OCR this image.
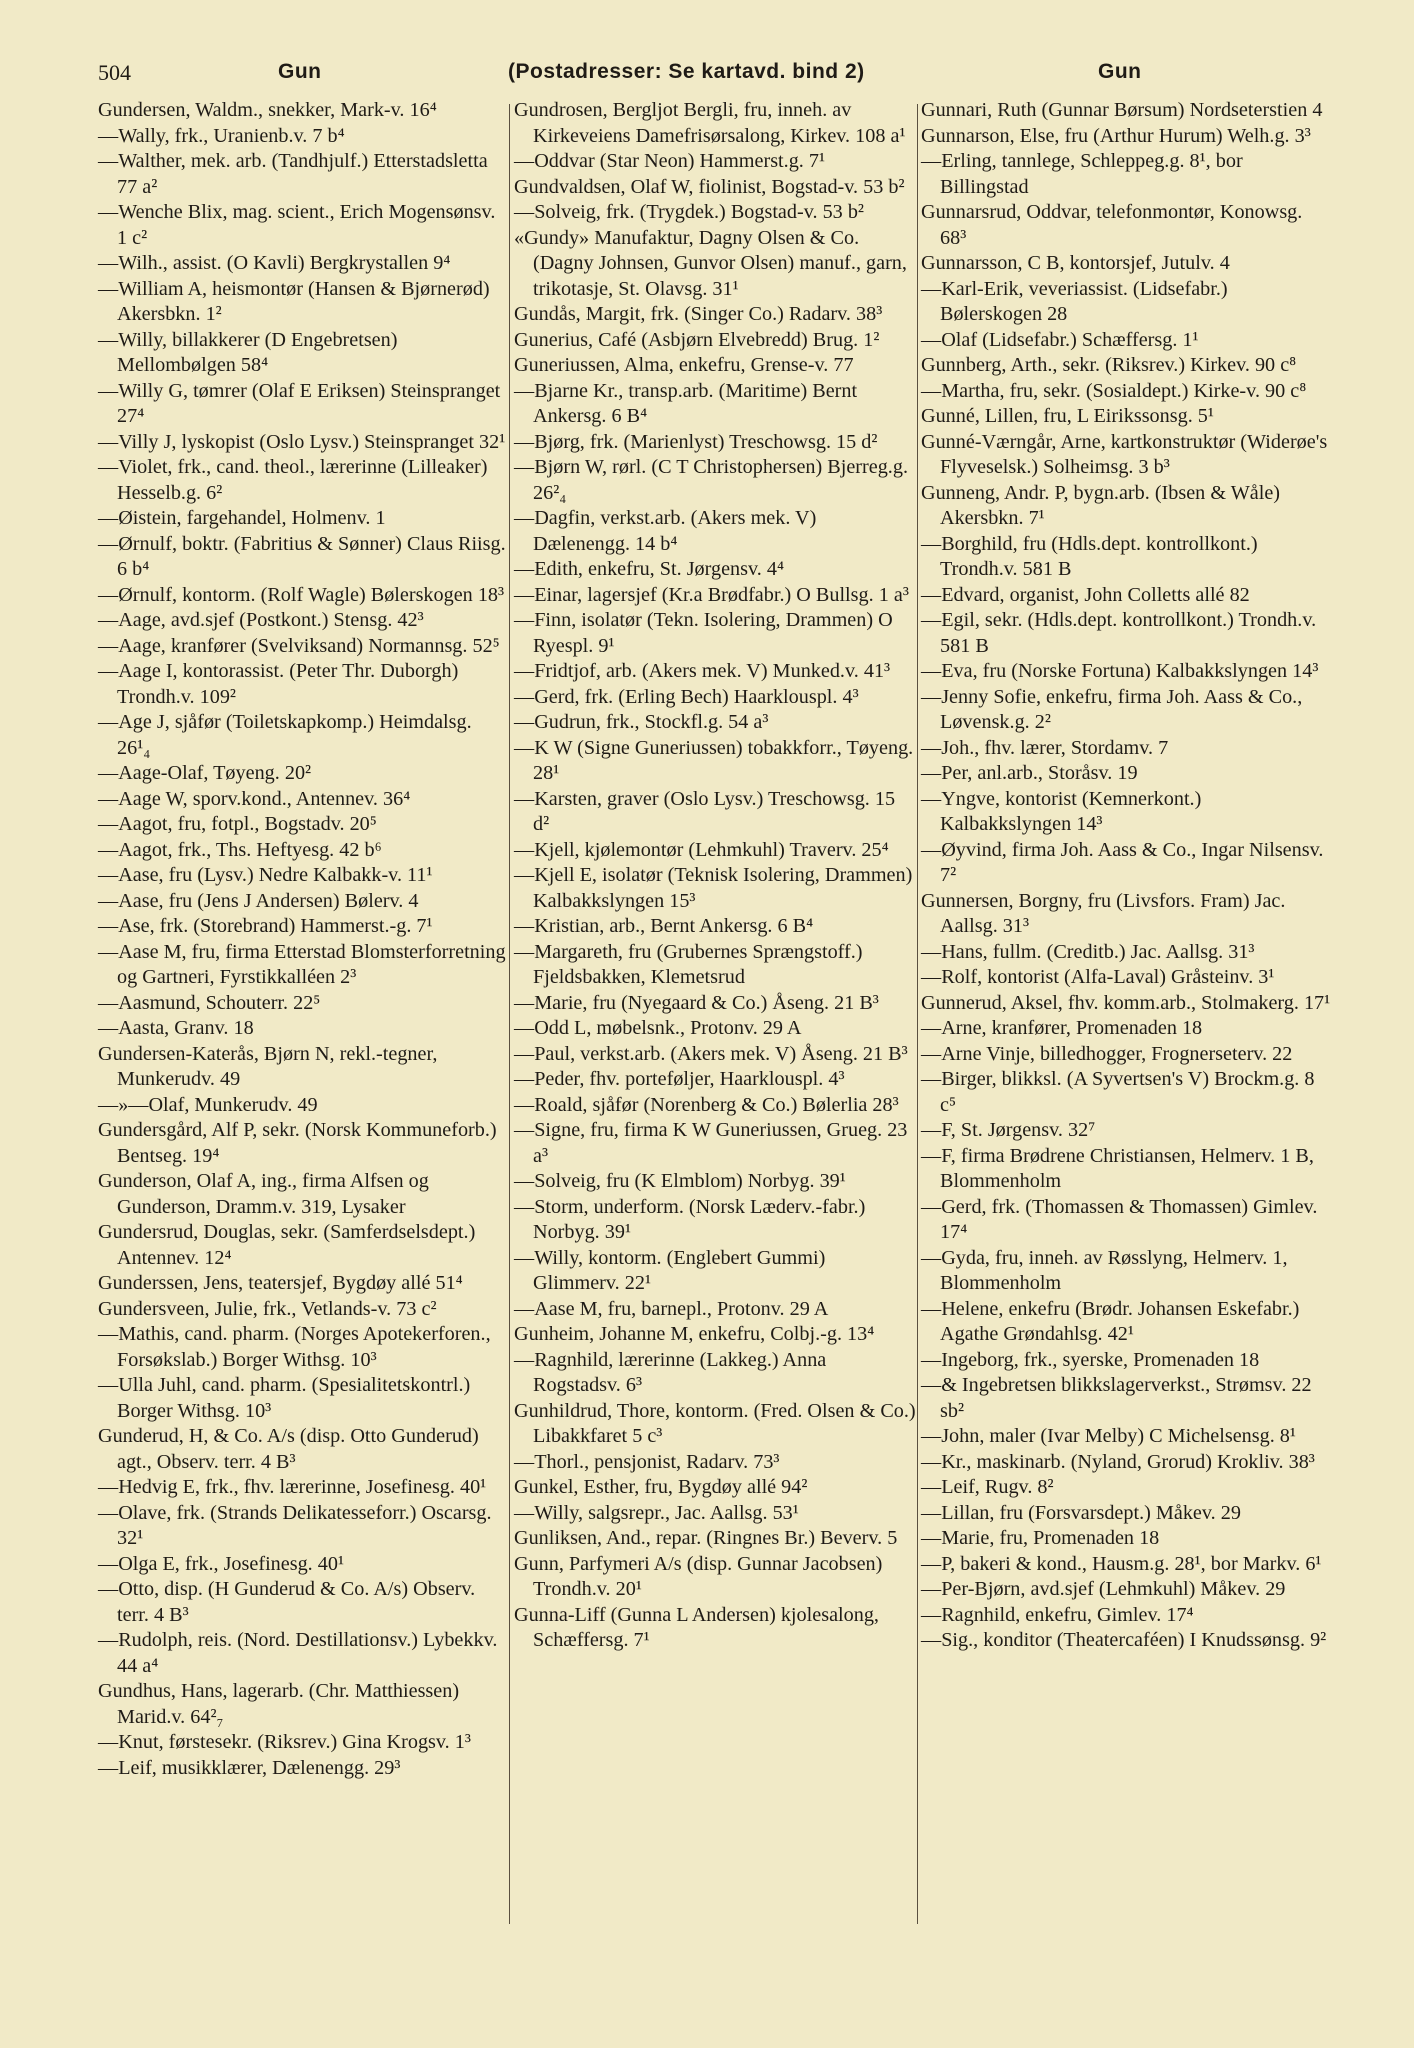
504	Gun	(Postadresser: Se kartavd. bind 2)	Gun
Gundersen, Waldm., snekker, Mark-v. 16⁴
—Wally, frk., Uranienb.v. 7 b⁴
—Walther, mek. arb. (Tandhjulf.) Etterstadsletta 77 a²
—Wenche Blix, mag. scient., Erich Mogensønsv. 1 c²
—Wilh., assist. (O Kavli) Bergkrystallen 9⁴
—William A, heismontør (Hansen & Bjørnerød) Akersbkn. 1²
—Willy, billakkerer (D Engebretsen) Mellombølgen 58⁴
—Willy G, tømrer (Olaf E Eriksen) Steinspranget 27⁴
—Villy J, lyskopist (Oslo Lysv.) Steinspranget 32¹
—Violet, frk., cand. theol., lærerinne (Lilleaker) Hesselb.g. 6²
—Øistein, fargehandel, Holmenv. 1
—Ørnulf, boktr. (Fabritius & Sønner) Claus Riisg. 6 b⁴
—Ørnulf, kontorm. (Rolf Wagle) Bølerskogen 18³
—Aage, avd.sjef (Postkont.) Stensg. 42³
—Aage, kranfører (Svelviksand) Normannsg. 52⁵
—Aage I, kontorassist. (Peter Thr. Duborgh) Trondh.v. 109²
—Age J, sjåfør (Toiletskapkomp.) Heimdalsg. 26¹₄
—Aage-Olaf, Tøyeng. 20²
—Aage W, sporv.kond., Antennev. 36⁴
—Aagot, fru, fotpl., Bogstadv. 20⁵
—Aagot, frk., Ths. Heftyesg. 42 b⁶
—Aase, fru (Lysv.) Nedre Kalbakk-v. 11¹
—Aase, fru (Jens J Andersen) Bølerv. 4
—Ase, frk. (Storebrand) Hammerst.-g. 7¹
—Aase M, fru, firma Etterstad Blomsterforretning og Gartneri, Fyrstikkalléen 2³
—Aasmund, Schouterr. 22⁵
—Aasta, Granv. 18
Gundersen-Katerås, Bjørn N, rekl.-tegner, Munkerudv. 49
—»—Olaf, Munkerudv. 49
Gundersgård, Alf P, sekr. (Norsk Kommuneforb.) Bentseg. 19⁴
Gunderson, Olaf A, ing., firma Alfsen og Gunderson, Dramm.v. 319, Lysaker
Gundersrud, Douglas, sekr. (Samferdselsdept.) Antennev. 12⁴
Gunderssen, Jens, teatersjef, Bygdøy allé 51⁴
Gundersveen, Julie, frk., Vetlands-v. 73 c²
—Mathis, cand. pharm. (Norges Apotekerforen., Forsøkslab.) Borger Withsg. 10³
—Ulla Juhl, cand. pharm. (Spesialitetskontrl.) Borger Withsg. 10³
Gunderud, H, & Co. A/s (disp. Otto Gunderud) agt., Observ. terr. 4 B³
—Hedvig E, frk., fhv. lærerinne, Josefinesg. 40¹
—Olave, frk. (Strands Delikatesseforr.) Oscarsg. 32¹
—Olga E, frk., Josefinesg. 40¹
—Otto, disp. (H Gunderud & Co. A/s) Observ. terr. 4 B³
—Rudolph, reis. (Nord. Destillationsv.) Lybekkv. 44 a⁴
Gundhus, Hans, lagerarb. (Chr. Matthiessen) Marid.v. 64²₇
—Knut, førstesekr. (Riksrev.) Gina Krogsv. 1³
—Leif, musikklærer, Dælenengg. 29³
Gundrosen, Bergljot Bergli, fru, inneh. av Kirkeveiens Damefrisørsalong, Kirkev. 108 a¹
—Oddvar (Star Neon) Hammerst.g. 7¹
Gundvaldsen, Olaf W, fiolinist, Bogstad-v. 53 b²
—Solveig, frk. (Trygdek.) Bogstad-v. 53 b²
«Gundy» Manufaktur, Dagny Olsen & Co. (Dagny Johnsen, Gunvor Olsen) manuf., garn, trikotasje, St. Olavsg. 31¹
Gundås, Margit, frk. (Singer Co.) Radarv. 38³
Gunerius, Café (Asbjørn Elvebredd) Brug. 1²
Guneriussen, Alma, enkefru, Grense-v. 77
—Bjarne Kr., transp.arb. (Maritime) Bernt Ankersg. 6 B⁴
—Bjørg, frk. (Marienlyst) Treschowsg. 15 d²
—Bjørn W, rørl. (C T Christophersen) Bjerreg.g. 26²₄
—Dagfin, verkst.arb. (Akers mek. V) Dælenengg. 14 b⁴
—Edith, enkefru, St. Jørgensv. 4⁴
—Einar, lagersjef (Kr.a Brødfabr.) O Bullsg. 1 a³
—Finn, isolatør (Tekn. Isolering, Drammen) O Ryespl. 9¹
—Fridtjof, arb. (Akers mek. V) Munked.v. 41³
—Gerd, frk. (Erling Bech) Haarklouspl. 4³
—Gudrun, frk., Stockfl.g. 54 a³
—K W (Signe Guneriussen) tobakkforr., Tøyeng. 28¹
—Karsten, graver (Oslo Lysv.) Treschowsg. 15 d²
—Kjell, kjølemontør (Lehmkuhl) Traverv. 25⁴
—Kjell E, isolatør (Teknisk Isolering, Drammen) Kalbakkslyngen 15³
—Kristian, arb., Bernt Ankersg. 6 B⁴
—Margareth, fru (Grubernes Sprængstoff.) Fjeldsbakken, Klemetsrud
—Marie, fru (Nyegaard & Co.) Åseng. 21 B³
—Odd L, møbelsnk., Protonv. 29 A
—Paul, verkst.arb. (Akers mek. V) Åseng. 21 B³
—Peder, fhv. porteføljer, Haarklouspl. 4³
—Roald, sjåfør (Norenberg & Co.) Bølerlia 28³
—Signe, fru, firma K W Guneriussen, Grueg. 23 a³
—Solveig, fru (K Elmblom) Norbyg. 39¹
—Storm, underform. (Norsk Læderv.-fabr.) Norbyg. 39¹
—Willy, kontorm. (Englebert Gummi) Glimmerv. 22¹
—Aase M, fru, barnepl., Protonv. 29 A
Gunheim, Johanne M, enkefru, Colbj.-g. 13⁴
—Ragnhild, lærerinne (Lakkeg.) Anna Rogstadsv. 6³
Gunhildrud, Thore, kontorm. (Fred. Olsen & Co.) Libakkfaret 5 c³
—Thorl., pensjonist, Radarv. 73³
Gunkel, Esther, fru, Bygdøy allé 94²
—Willy, salgsrepr., Jac. Aallsg. 53¹
Gunliksen, And., repar. (Ringnes Br.) Beverv. 5
Gunn, Parfymeri A/s (disp. Gunnar Jacobsen) Trondh.v. 20¹
Gunna-Liff (Gunna L Andersen) kjolesalong, Schæffersg. 7¹
Gunnari, Ruth (Gunnar Børsum) Nordseterstien 4
Gunnarson, Else, fru (Arthur Hurum) Welh.g. 3³
—Erling, tannlege, Schleppeg.g. 8¹, bor Billingstad
Gunnarsrud, Oddvar, telefonmontør, Konowsg. 68³
Gunnarsson, C B, kontorsjef, Jutulv. 4
—Karl-Erik, veveriassist. (Lidsefabr.) Bølerskogen 28
—Olaf (Lidsefabr.) Schæffersg. 1¹
Gunnberg, Arth., sekr. (Riksrev.) Kirkev. 90 c⁸
—Martha, fru, sekr. (Sosialdept.) Kirke-v. 90 c⁸
Gunné, Lillen, fru, L Eirikssonsg. 5¹
Gunné-Værngår, Arne, kartkonstruktør (Widerøe's Flyveselsk.) Solheimsg. 3 b³
Gunneng, Andr. P, bygn.arb. (Ibsen & Wåle) Akersbkn. 7¹
—Borghild, fru (Hdls.dept. kontrollkont.) Trondh.v. 581 B
—Edvard, organist, John Colletts allé 82
—Egil, sekr. (Hdls.dept. kontrollkont.) Trondh.v. 581 B
—Eva, fru (Norske Fortuna) Kalbakkslyngen 14³
—Jenny Sofie, enkefru, firma Joh. Aass & Co., Løvensk.g. 2²
—Joh., fhv. lærer, Stordamv. 7
—Per, anl.arb., Storåsv. 19
—Yngve, kontorist (Kemnerkont.) Kalbakkslyngen 14³
—Øyvind, firma Joh. Aass & Co., Ingar Nilsensv. 7²
Gunnersen, Borgny, fru (Livsfors. Fram) Jac. Aallsg. 31³
—Hans, fullm. (Creditb.) Jac. Aallsg. 31³
—Rolf, kontorist (Alfa-Laval) Gråsteinv. 3¹
Gunnerud, Aksel, fhv. komm.arb., Stolmakerg. 17¹
—Arne, kranfører, Promenaden 18
—Arne Vinje, billedhogger, Frognerseterv. 22
—Birger, blikksl. (A Syvertsen's V) Brockm.g. 8 c⁵
—F, St. Jørgensv. 32⁷
—F, firma Brødrene Christiansen, Helmerv. 1 B, Blommenholm
—Gerd, frk. (Thomassen & Thomassen) Gimlev. 17⁴
—Gyda, fru, inneh. av Røsslyng, Helmerv. 1, Blommenholm
—Helene, enkefru (Brødr. Johansen Eskefabr.) Agathe Grøndahlsg. 42¹
—Ingeborg, frk., syerske, Promenaden 18
—& Ingebretsen blikkslagerverkst., Strømsv. 22 sb²
—John, maler (Ivar Melby) C Michelsensg. 8¹
—Kr., maskinarb. (Nyland, Grorud) Krokliv. 38³
—Leif, Rugv. 8²
—Lillan, fru (Forsvarsdept.) Måkev. 29
—Marie, fru, Promenaden 18
—P, bakeri & kond., Hausm.g. 28¹, bor Markv. 6¹
—Per-Bjørn, avd.sjef (Lehmkuhl) Måkev. 29
—Ragnhild, enkefru, Gimlev. 17⁴
—Sig., konditor (Theatercaféen) I Knudssønsg. 9²
